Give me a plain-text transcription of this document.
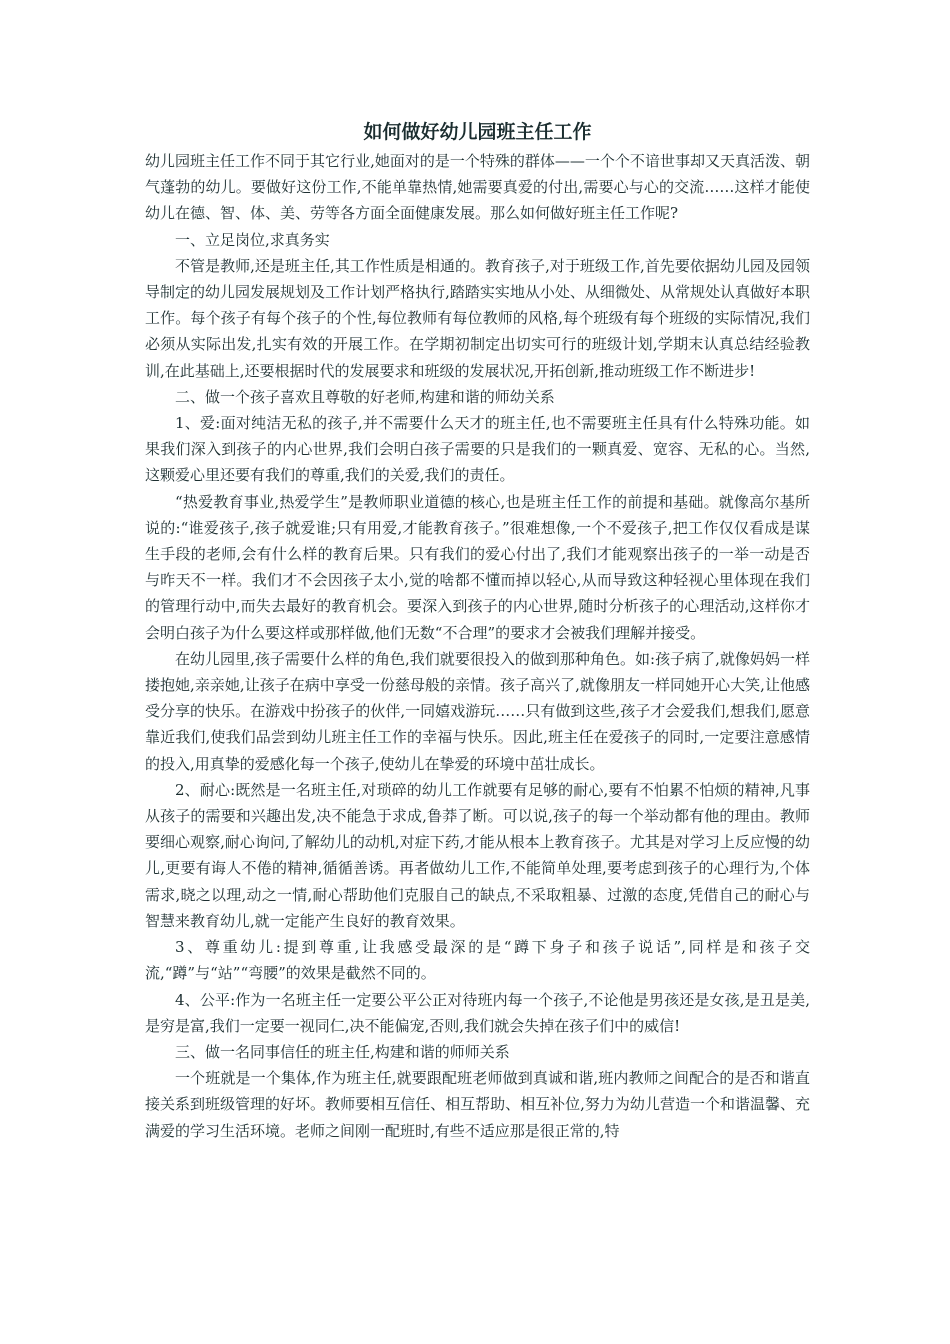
如何做好幼儿园班主任工作

幼儿园班主任工作不同于其它行业,她面对的是一个特殊的群体——一个个不谙世事却又天真活泼、朝气蓬勃的幼儿。要做好这份工作,不能单靠热情,她需要真爱的付出,需要心与心的交流……这样才能使幼儿在德、智、体、美、劳等各方面全面健康发展。那么如何做好班主任工作呢?

一、立足岗位,求真务实

不管是教师,还是班主任,其工作性质是相通的。教育孩子,对于班级工作,首先要依据幼儿园及园领导制定的幼儿园发展规划及工作计划严格执行,踏踏实实地从小处、从细微处、从常规处认真做好本职工作。每个孩子有每个孩子的个性,每位教师有每位教师的风格,每个班级有每个班级的实际情况,我们必须从实际出发,扎实有效的开展工作。在学期初制定出切实可行的班级计划,学期末认真总结经验教训,在此基础上,还要根据时代的发展要求和班级的发展状况,开拓创新,推动班级工作不断进步!

二、做一个孩子喜欢且尊敬的好老师,构建和谐的师幼关系

1、爱:面对纯洁无私的孩子,并不需要什么天才的班主任,也不需要班主任具有什么特殊功能。如果我们深入到孩子的内心世界,我们会明白孩子需要的只是我们的一颗真爱、宽容、无私的心。当然,这颗爱心里还要有我们的尊重,我们的关爱,我们的责任。

“热爱教育事业,热爱学生”是教师职业道德的核心,也是班主任工作的前提和基础。就像高尔基所说的:“谁爱孩子,孩子就爱谁;只有用爱,才能教育孩子。”很难想像,一个不爱孩子,把工作仅仅看成是谋生手段的老师,会有什么样的教育后果。只有我们的爱心付出了,我们才能观察出孩子的一举一动是否与昨天不一样。我们才不会因孩子太小,觉的啥都不懂而掉以轻心,从而导致这种轻视心里体现在我们的管理行动中,而失去最好的教育机会。要深入到孩子的内心世界,随时分析孩子的心理活动,这样你才会明白孩子为什么要这样或那样做,他们无数“不合理”的要求才会被我们理解并接受。

在幼儿园里,孩子需要什么样的角色,我们就要很投入的做到那种角色。如:孩子病了,就像妈妈一样搂抱她,亲亲她,让孩子在病中享受一份慈母般的亲情。孩子高兴了,就像朋友一样同她开心大笑,让他感受分享的快乐。在游戏中扮孩子的伙伴,一同嬉戏游玩……只有做到这些,孩子才会爱我们,想我们,愿意靠近我们,使我们品尝到幼儿班主任工作的幸福与快乐。因此,班主任在爱孩子的同时,一定要注意感情的投入,用真挚的爱感化每一个孩子,使幼儿在挚爱的环境中茁壮成长。

2、耐心:既然是一名班主任,对琐碎的幼儿工作就要有足够的耐心,要有不怕累不怕烦的精神,凡事从孩子的需要和兴趣出发,决不能急于求成,鲁莽了断。可以说,孩子的每一个举动都有他的理由。教师要细心观察,耐心询问,了解幼儿的动机,对症下药,才能从根本上教育孩子。尤其是对学习上反应慢的幼儿,更要有诲人不倦的精神,循循善诱。再者做幼儿工作,不能简单处理,要考虑到孩子的心理行为,个体需求,晓之以理,动之一情,耐心帮助他们克服自己的缺点,不采取粗暴、过激的态度,凭借自己的耐心与智慧来教育幼儿,就一定能产生良好的教育效果。

3、尊重幼儿:提到尊重,让我感受最深的是“蹲下身子和孩子说话”,同样是和孩子交流,“蹲”与“站”“弯腰”的效果是截然不同的。

4、公平:作为一名班主任一定要公平公正对待班内每一个孩子,不论他是男孩还是女孩,是丑是美,是穷是富,我们一定要一视同仁,决不能偏宠,否则,我们就会失掉在孩子们中的威信!

三、做一名同事信任的班主任,构建和谐的师师关系

一个班就是一个集体,作为班主任,就要跟配班老师做到真诚和谐,班内教师之间配合的是否和谐直接关系到班级管理的好坏。教师要相互信任、相互帮助、相互补位,努力为幼儿营造一个和谐温馨、充满爱的学习生活环境。老师之间刚一配班时,有些不适应那是很正常的,特
